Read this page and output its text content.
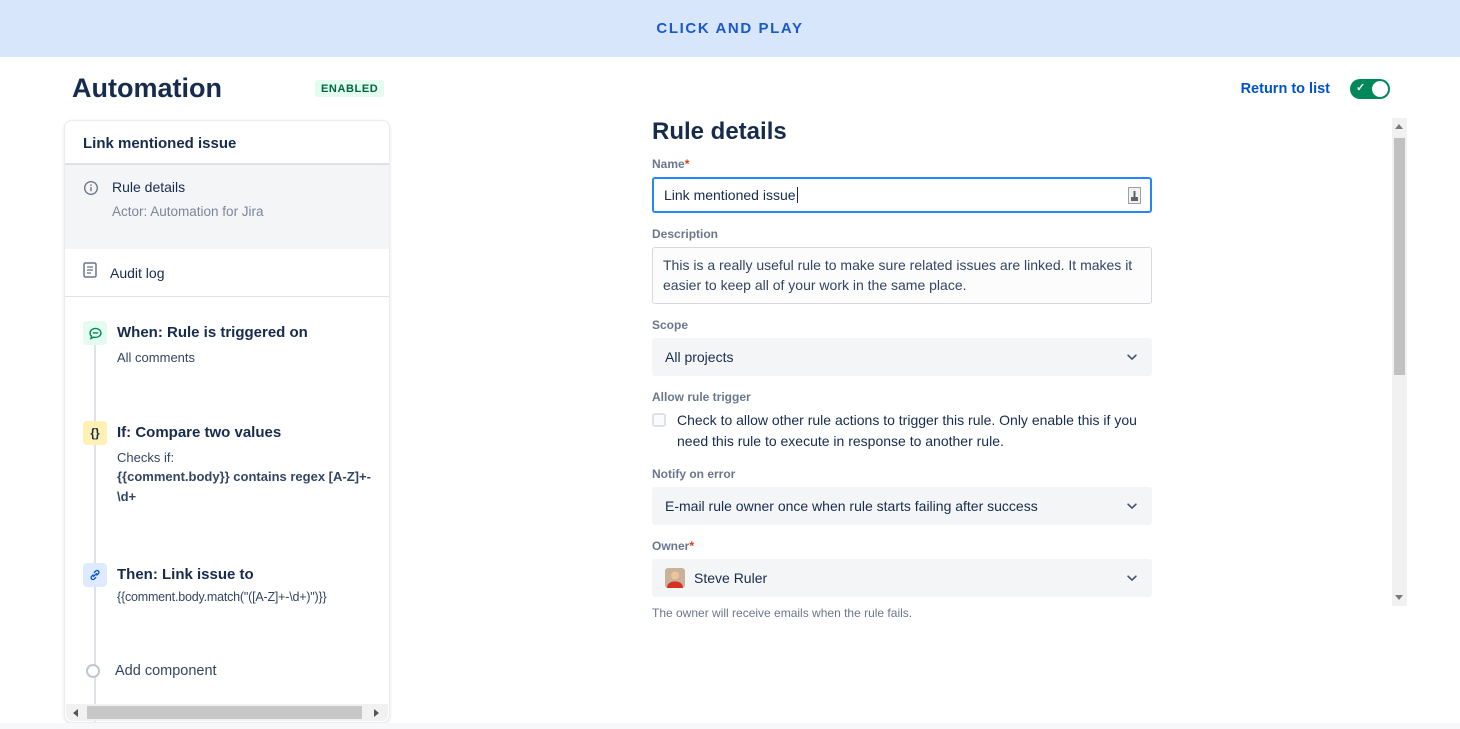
CLICK AND PLAY
Automation	ENABLED	Return to list ✓
Link mentioned issue
Rule details
Actor: Automation for Jira
Audit log
When: Rule is triggered on
All comments
{}	If: Compare two values
Checks if:
{{comment.body}} contains regex [A-Z]+-\d+
Then: Link issue to
{{comment.body.match("([A-Z]+-\d+)")}}
Add component
Rule details
Name*
Link mentioned issue
Description
This is a really useful rule to make sure related issues are linked. It makes it easier to keep all of your work in the same place.
Scope
All projects
Allow rule trigger
Check to allow other rule actions to trigger this rule. Only enable this if you need this rule to execute in response to another rule.
Notify on error
E-mail rule owner once when rule starts failing after success
Owner*
Steve Ruler
The owner will receive emails when the rule fails.
